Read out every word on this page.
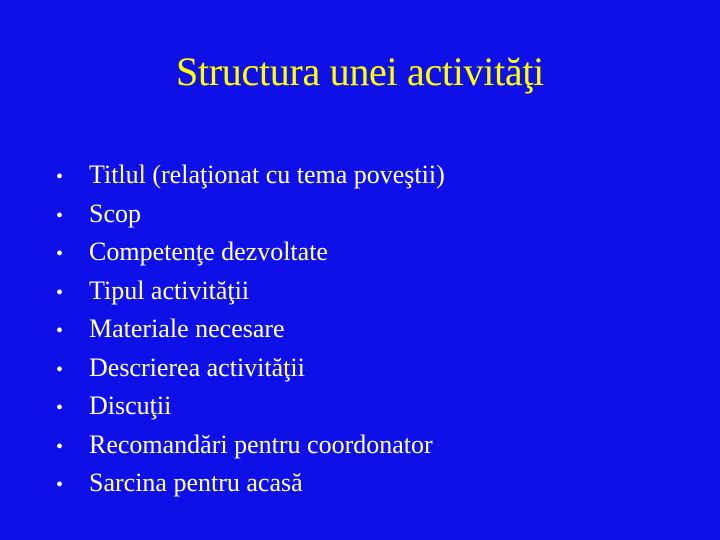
Structura unei activităţi
• Titlul (relaţionat cu tema poveştii)
• Scop
• Competenţe dezvoltate
• Tipul activităţii
• Materiale necesare
• Descrierea activităţii
• Discuţii
• Recomandări pentru coordonator
• Sarcina pentru acasă
